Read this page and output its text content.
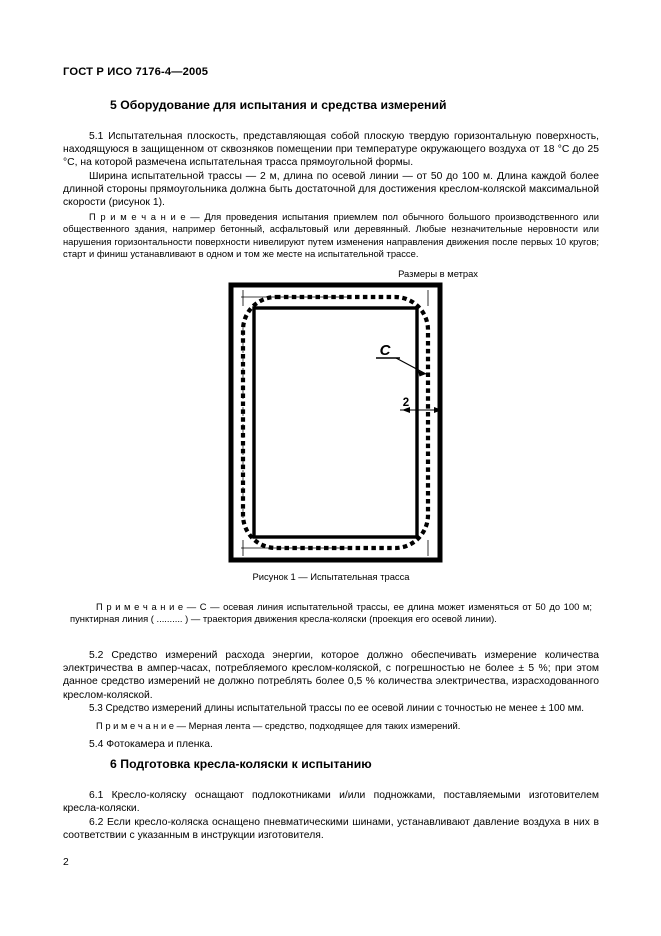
ГОСТ Р ИСО 7176-4—2005
5 Оборудование для испытания и средства измерений
5.1 Испытательная плоскость, представляющая собой плоскую твердую горизонтальную поверхность, находящуюся в защищенном от сквозняков помещении при температуре окружающего воздуха от 18 °С до 25 °С, на которой размечена испытательная трасса прямоугольной формы.
Ширина испытательной трассы — 2 м, длина по осевой линии — от 50 до 100 м. Длина каждой более длинной стороны прямоугольника должна быть достаточной для достижения креслом-коляской максимальной скорости (рисунок 1).
П р и м е ч а н и е — Для проведения испытания приемлем пол обычного большого производственного или общественного здания, например бетонный, асфальтовый или деревянный. Любые незначительные неровности или нарушения горизонтальности поверхности нивелируют путем изменения направления движения после первых 10 кругов; старт и финиш устанавливают в одном и том же месте на испытательной трассе.
Размеры в метрах
C
2
Рисунок 1 — Испытательная трасса
П р и м е ч а н и е — С — осевая линия испытательной трассы, ее длина может изменяться от 50 до 100 м; пунктирная линия ( .......... ) — траектория движения кресла-коляски (проекция его осевой линии).
5.2 Средство измерений расхода энергии, которое должно обеспечивать измерение количества электричества в ампер-часах, потребляемого креслом-коляской, с погрешностью не более ± 5 %; при этом данное средство измерений не должно потреблять более 0,5 % количества электричества, израсходованного креслом-коляской.
5.3 Средство измерений длины испытательной трассы по ее осевой линии с точностью не менее ± 100 мм.
П р и м е ч а н и е — Мерная лента — средство, подходящее для таких измерений.
5.4 Фотокамера и пленка.
6 Подготовка кресла-коляски к испытанию
6.1 Кресло-коляску оснащают подлокотниками и/или подножками, поставляемыми изготовителем кресла-коляски.
6.2 Если кресло-коляска оснащено пневматическими шинами, устанавливают давление воздуха в них в соответствии с указанным в инструкции изготовителя.
2
